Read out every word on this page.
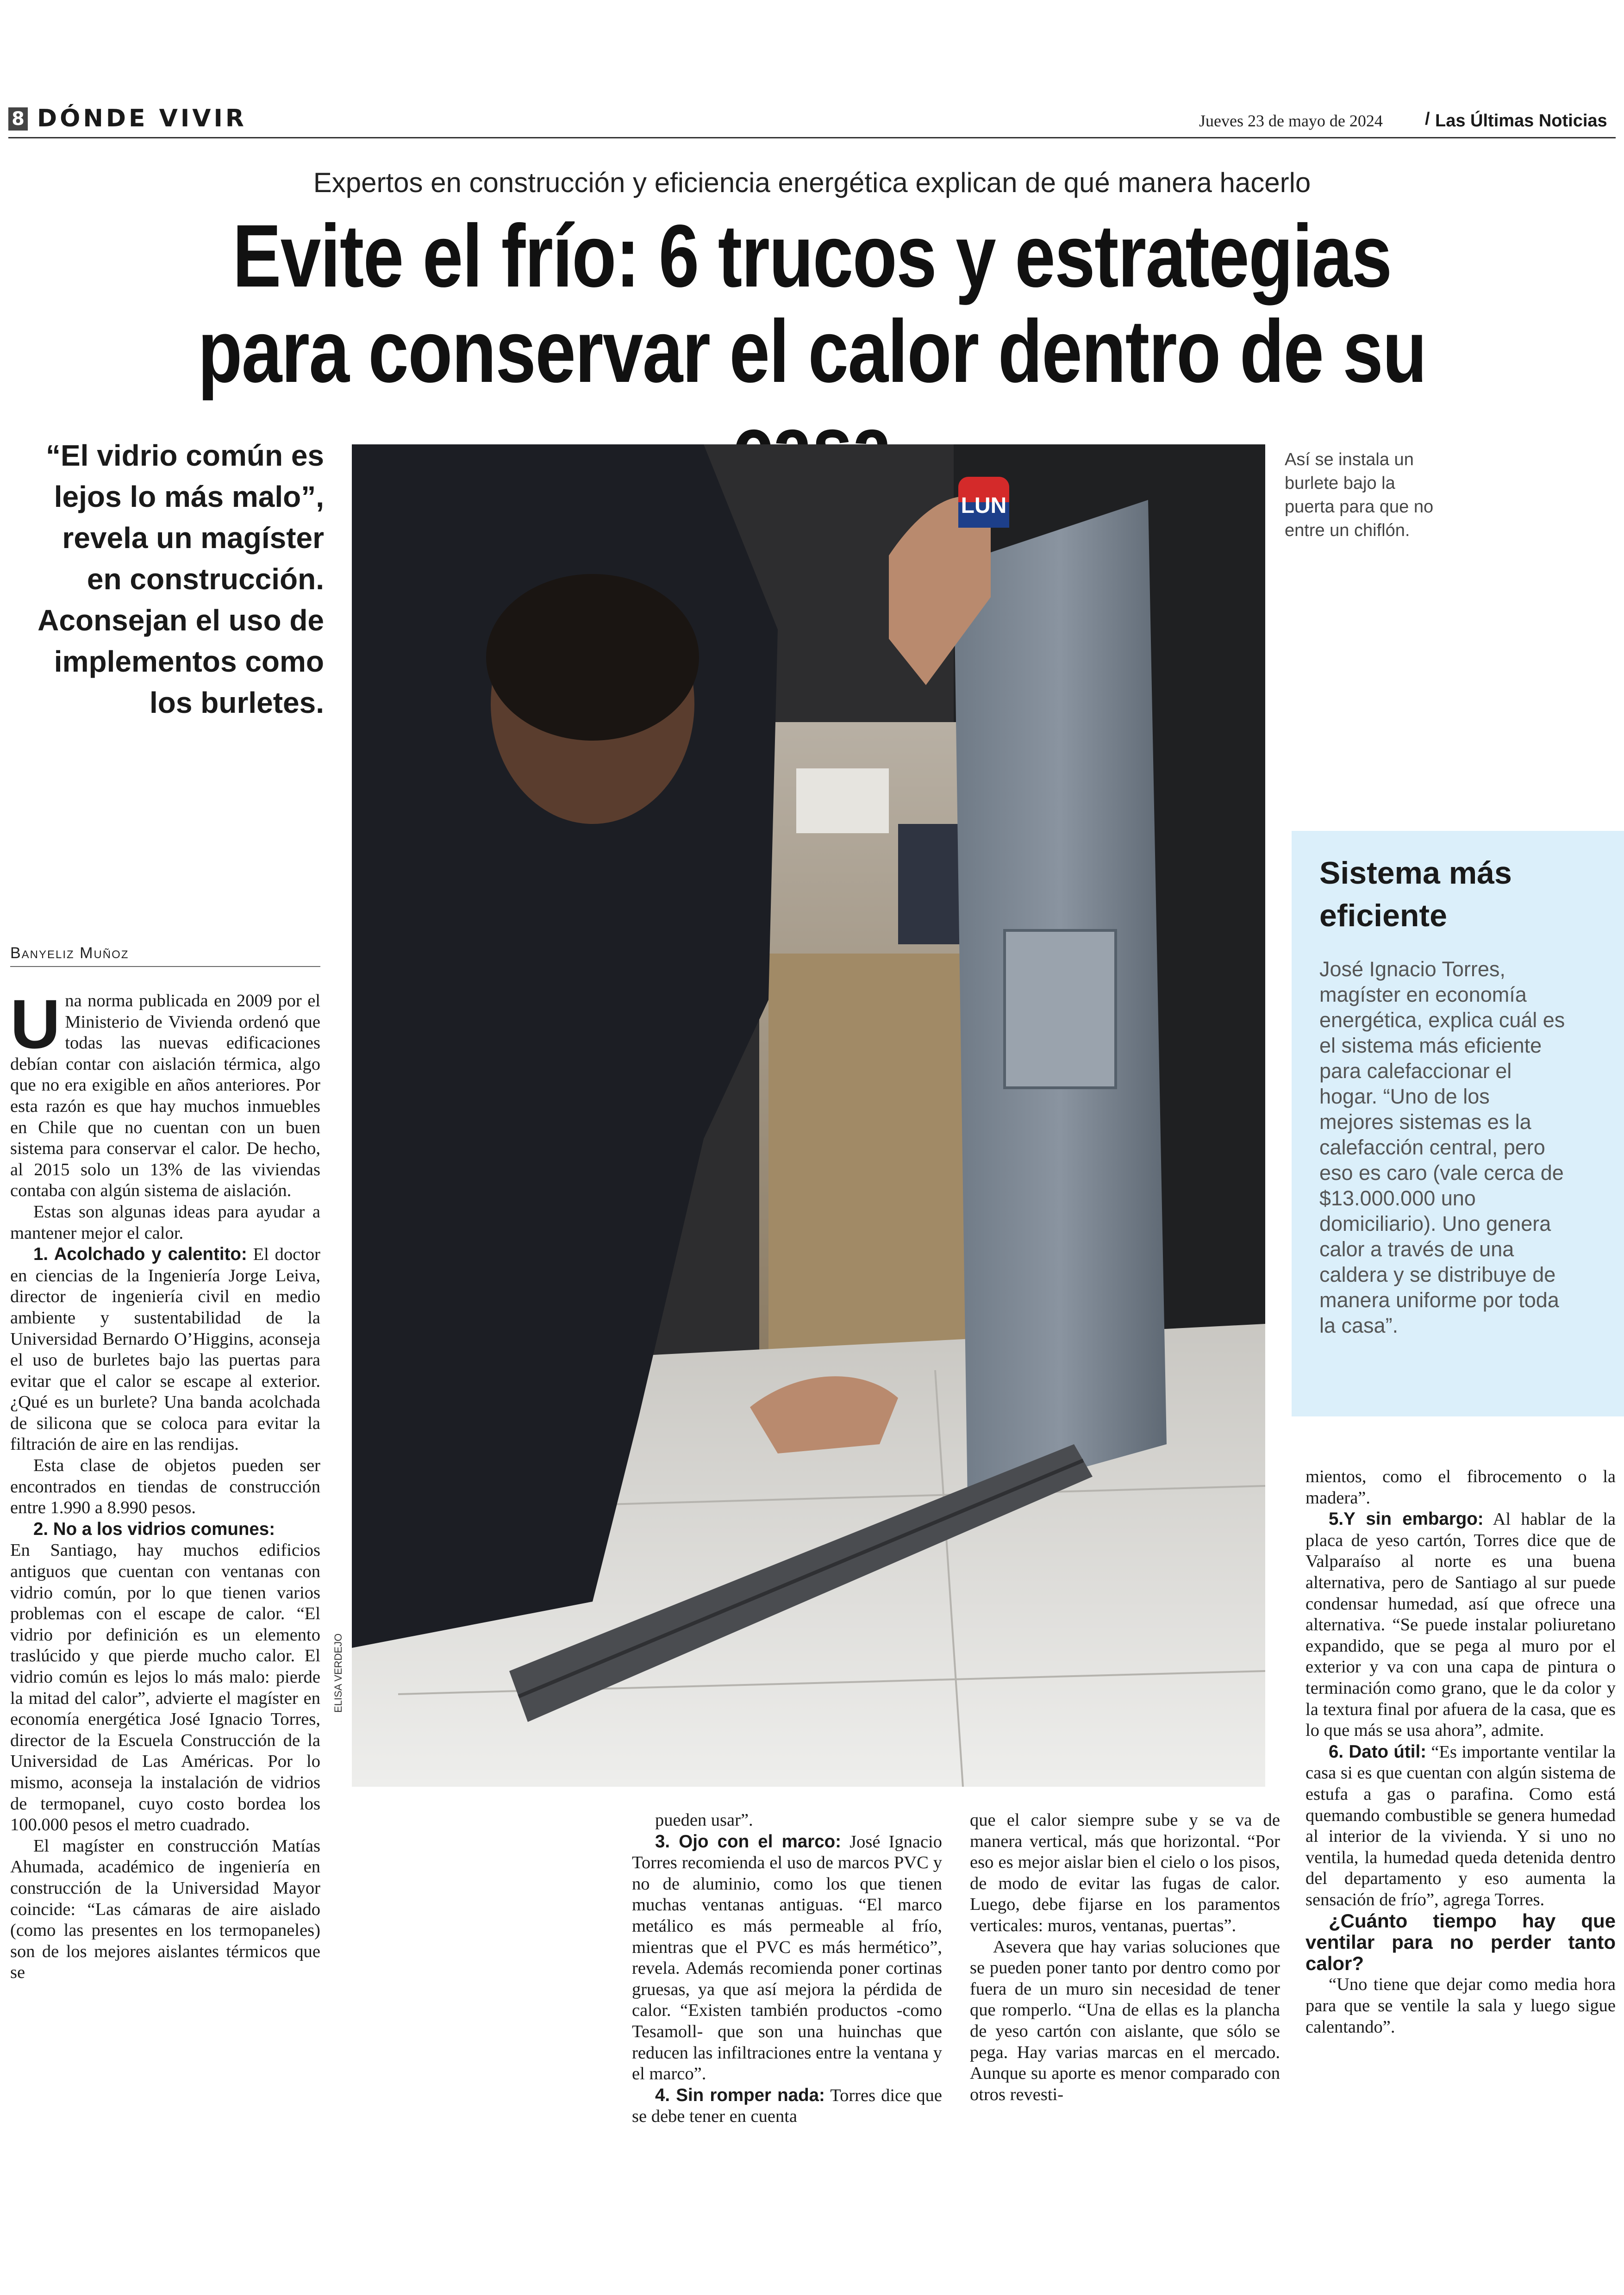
8 DÓNDE VIVIR	Jueves 23 de mayo de 2024 / Las Últimas Noticias
Expertos en construcción y eficiencia energética explican de qué manera hacerlo
Evite el frío: 6 trucos y estrategias para conservar el calor dentro de su
“El vidrio común es lejos lo más malo”, revela un magíster en construcción. Aconsejan el uso de implementos como los burletes.
LUN
ELISA VERDEJO
Así se instala un burlete bajo la puerta para que no entre un chiflón.
Sistema más eficiente
José Ignacio Torres, magíster en economía energética, explica cuál es el sistema más eficiente para calefaccionar el hogar. “Uno de los mejores sistemas es la calefacción central, pero eso es caro (vale cerca de $13.000.000 uno domiciliario). Uno genera calor a través de una caldera y se distribuye de manera uniforme por toda la casa”.
Banyeliz Muñoz

Una norma publicada en 2009 por el Ministerio de Vivienda ordenó que todas las nuevas edificaciones debían contar con aislación térmica, algo que no era exigible en años anteriores. Por esta razón es que hay muchos inmuebles en Chile que no cuentan con un buen sistema para conservar el calor. De hecho, al 2015 solo un 13% de las viviendas contaba con algún sistema de aislación.

Estas son algunas ideas para ayudar a mantener mejor el calor.

1. Acolchado y calentito: El doctor en ciencias de la Ingeniería Jorge Leiva, director de ingeniería civil en medio ambiente y sustentabilidad de la Universidad Bernardo O’Higgins, aconseja el uso de burletes bajo las puertas para evitar que el calor se escape al exterior. ¿Qué es un burlete? Una banda acolchada de silicona que se coloca para evitar la filtración de aire en las rendijas.

Esta clase de objetos pueden ser encontrados en tiendas de construcción entre 1.990 a 8.990 pesos.

2. No a los vidrios comunes:

En Santiago, hay muchos edificios antiguos que cuentan con ventanas con vidrio común, por lo que tienen varios problemas con el escape de calor. “El vidrio por definición es un elemento traslúcido y que pierde mucho calor. El vidrio común es lejos lo más malo: pierde la mitad del calor”, advierte el magíster en economía energética José Ignacio Torres, director de la Escuela Construcción de la Universidad de Las Américas. Por lo mismo, aconseja la instalación de vidrios de termopanel, cuyo costo bordea los 100.000 pesos el metro cuadrado.

El magíster en construcción Matías Ahumada, académico de ingeniería en construcción de la Universidad Mayor coincide: “Las cámaras de aire aislado (como las presentes en los termopaneles) son de los mejores aislantes térmicos que se

pueden usar”.

3. Ojo con el marco: José Ignacio Torres recomienda el uso de marcos PVC y no de aluminio, como los que tienen muchas ventanas antiguas. “El marco metálico es más permeable al frío, mientras que el PVC es más hermético”, revela. Además recomienda poner cortinas gruesas, ya que así mejora la pérdida de calor. “Existen también productos -como Tesamoll- que son una huinchas que reducen las infiltraciones entre la ventana y el marco”.

4. Sin romper nada: Torres dice que se debe tener en cuenta

que el calor siempre sube y se va de manera vertical, más que horizontal. “Por eso es mejor aislar bien el cielo o los pisos, de modo de evitar las fugas de calor. Luego, debe fijarse en los paramentos verticales: muros, ventanas, puertas”.

Asevera que hay varias soluciones que se pueden poner tanto por dentro como por fuera de un muro sin necesidad de tener que romperlo. “Una de ellas es la plancha de yeso cartón con aislante, que sólo se pega. Hay varias marcas en el mercado. Aunque su aporte es menor comparado con otros revesti-

mientos, como el fibrocemento o la madera”.

5.Y sin embargo: Al hablar de la placa de yeso cartón, Torres dice que de Valparaíso al norte es una buena alternativa, pero de Santiago al sur puede condensar humedad, así que ofrece una alternativa. “Se puede instalar poliuretano expandido, que se pega al muro por el exterior y va con una capa de pintura o terminación como grano, que le da color y la textura final por afuera de la casa, que es lo que más se usa ahora”, admite.

6. Dato útil: “Es importante ventilar la casa si es que cuentan con algún sistema de estufa a gas o parafina. Como está quemando combustible se genera humedad al interior de la vivienda. Y si uno no ventila, la humedad queda detenida dentro del departamento y eso aumenta la sensación de frío”, agrega Torres.

¿Cuánto tiempo hay que ventilar para no perder tanto calor?

“Uno tiene que dejar como media hora para que se ventile la sala y luego sigue calentando”.
